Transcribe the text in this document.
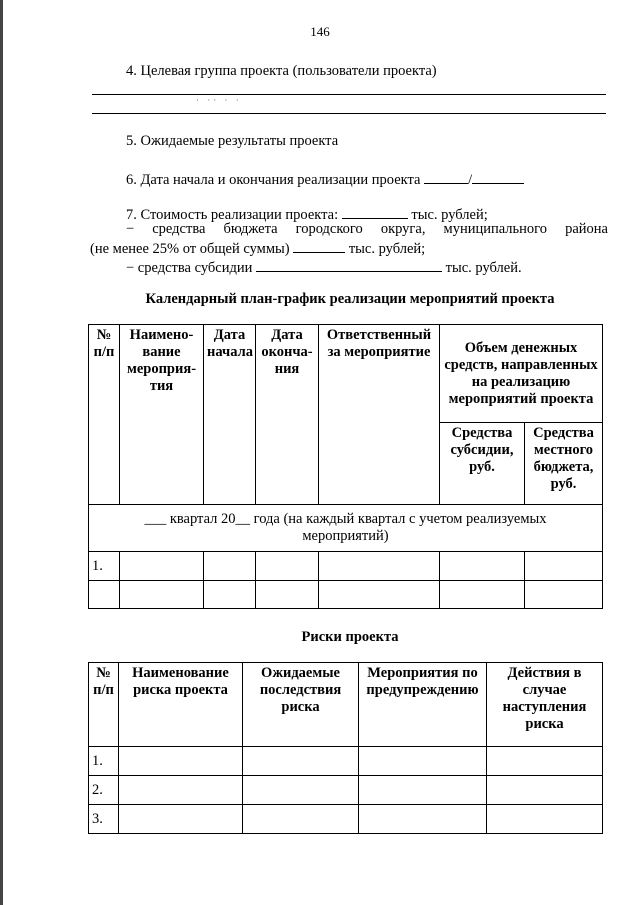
146
4. Целевая группа проекта (пользователи проекта)
· ·· · ·
5. Ожидаемые результаты проекта
6. Дата начала и окончания реализации проекта	/
7. Стоимость реализации проекта:	тыс. рублей;
− средства бюджета городского округа, муниципального района
(не менее 25% от общей суммы)	тыс. рублей;
− средства субсидии	тыс. рублей.
Календарный план-график реализации мероприятий проекта
№ п/п	Наимено-вание мероприя-тия	Дата начала	Дата оконча-ния	Ответственный за мероприятие	Объем денежных средств, направленных на реализацию мероприятий проекта	
					Средства субсидии, руб.	Средства местного бюджета, руб.
___ квартал 20__ года (на каждый квартал с учетом реализуемых
мероприятий)						
1.						

Риски проекта
№ п/п	Наименование риска проекта	Ожидаемые последствия риска	Мероприятия по предупреждению	Действия в случае наступления риска
1.				
2.				
3.				
